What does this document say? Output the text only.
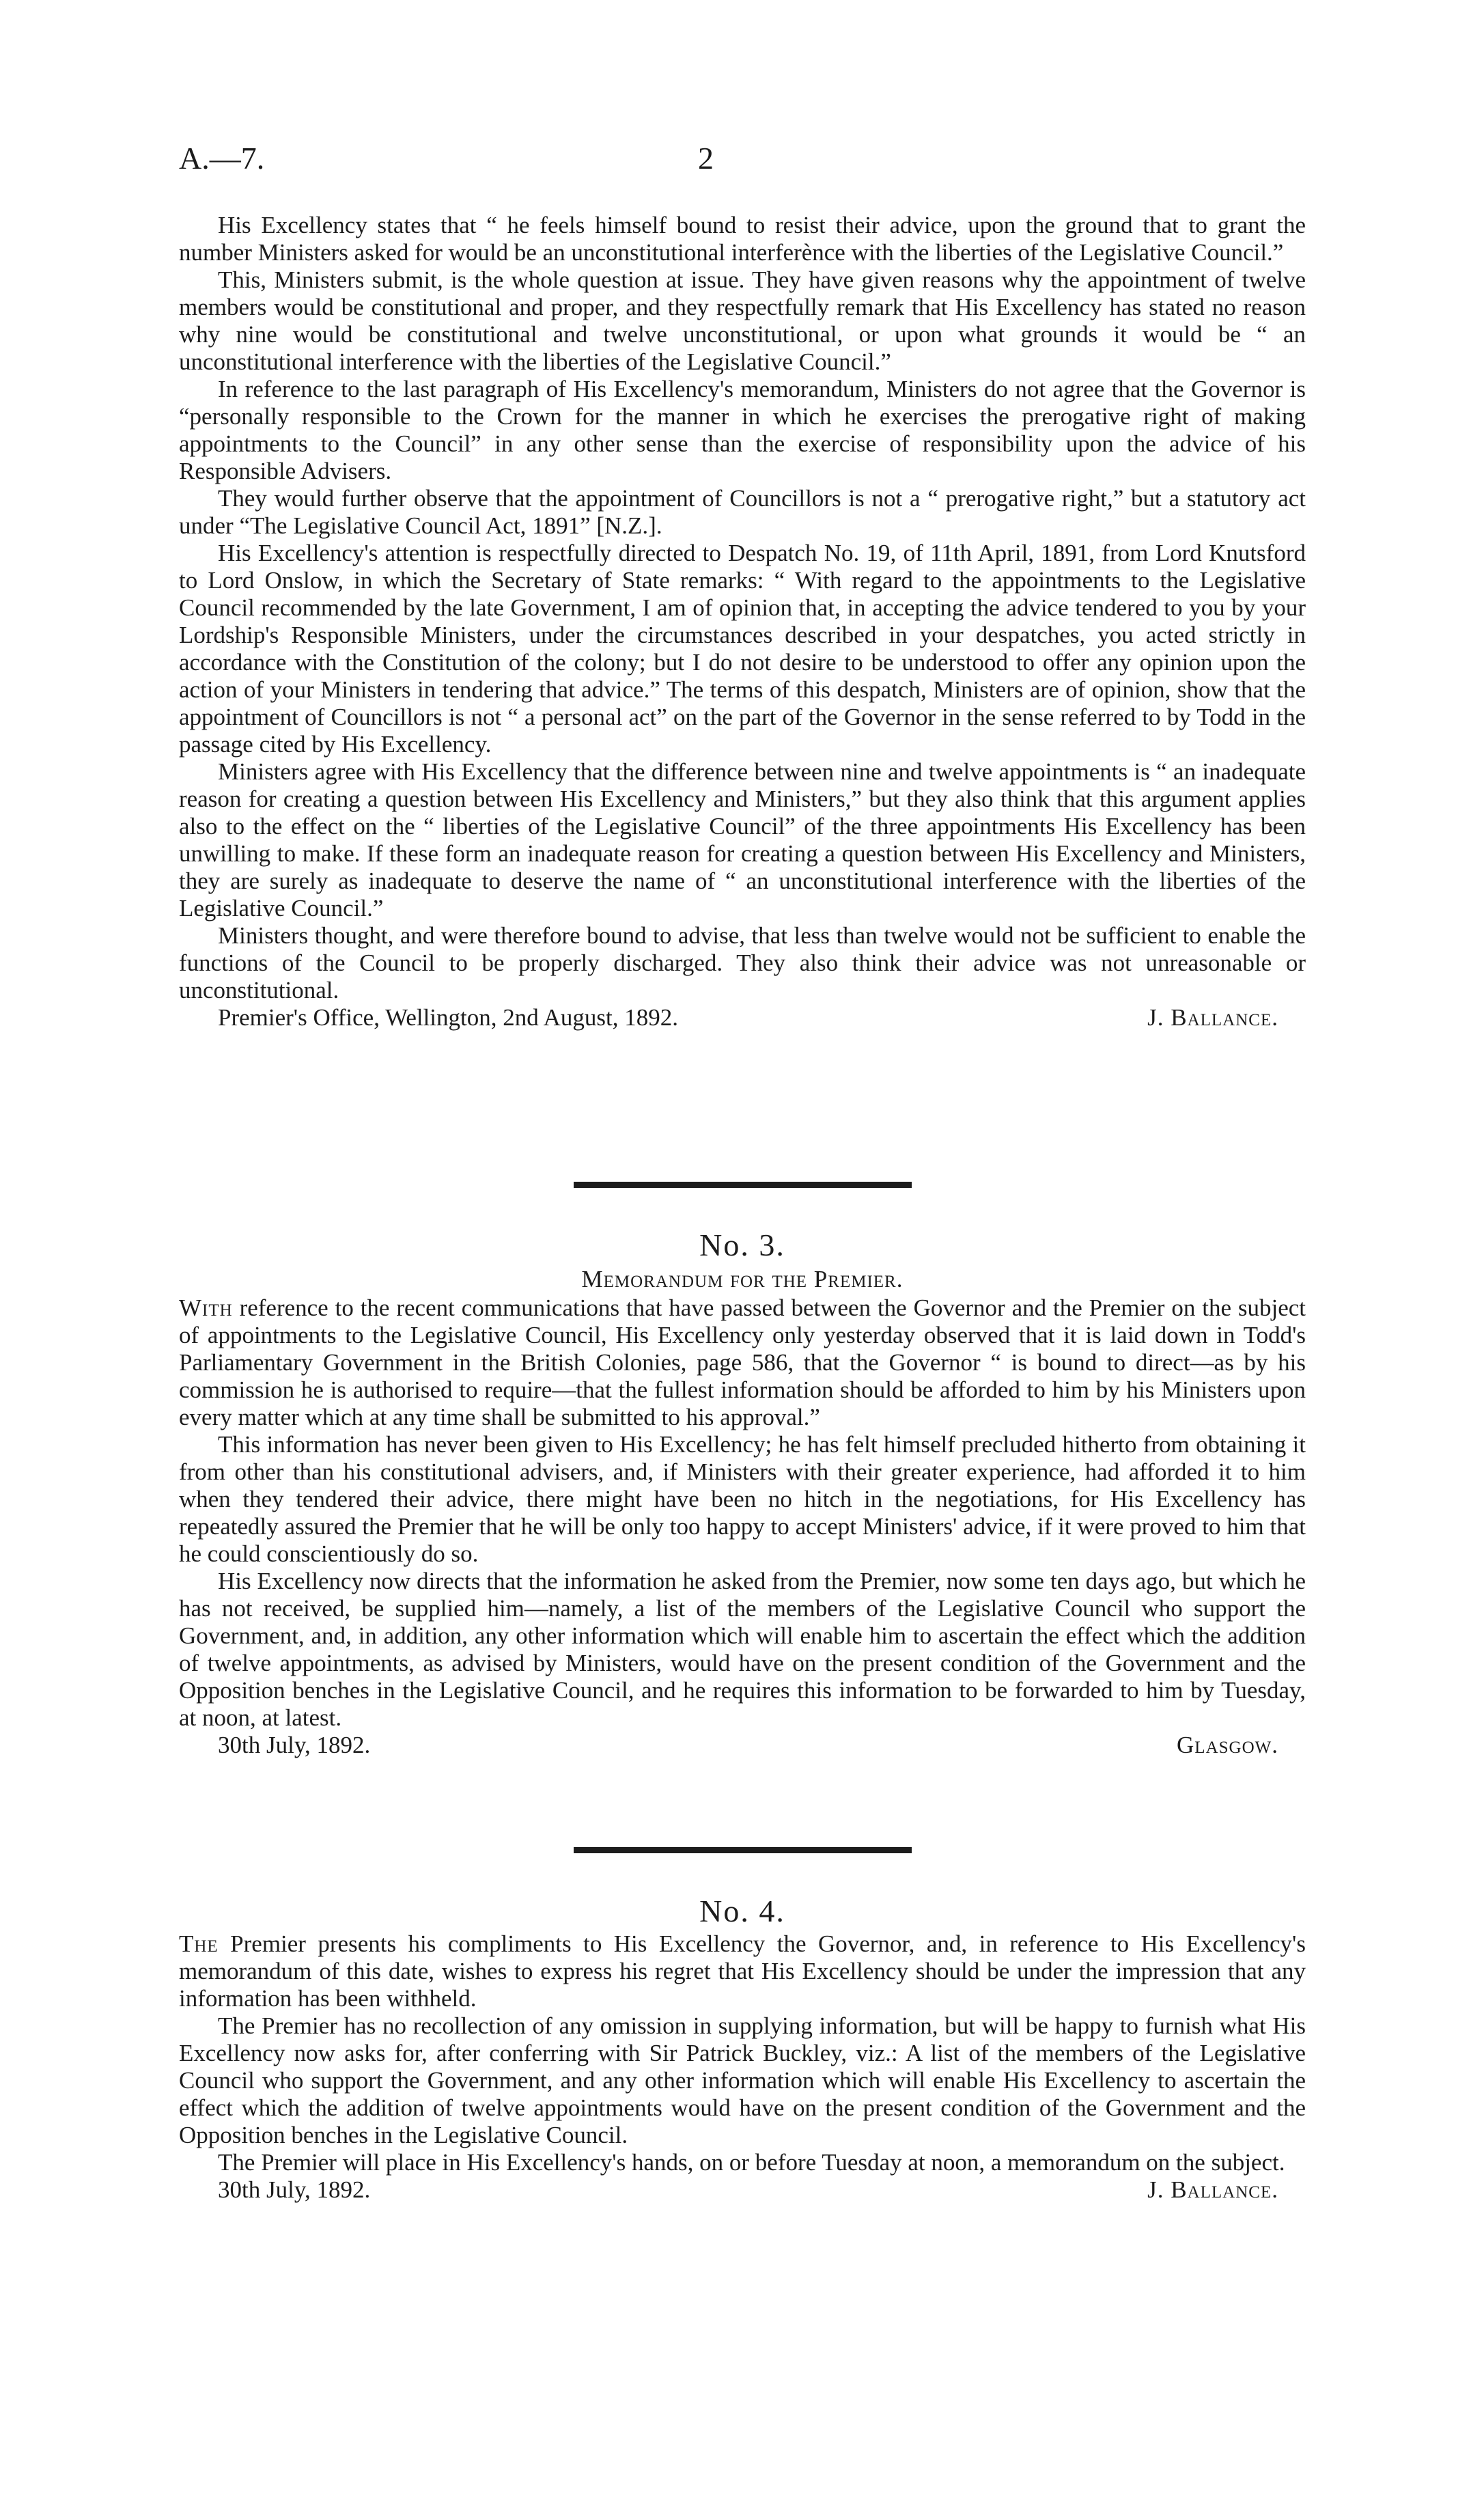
A.—7.	2

His Excellency states that “ he feels himself bound to resist their advice, upon the ground that to grant the number Ministers asked for would be an unconstitutional interferènce with the liberties of the Legislative Council.”

This, Ministers submit, is the whole question at issue. They have given reasons why the appointment of twelve members would be constitutional and proper, and they respectfully remark that His Excellency has stated no reason why nine would be constitutional and twelve unconstitutional, or upon what grounds it would be “ an unconstitutional interference with the liberties of the Legislative Council.”

In reference to the last paragraph of His Excellency's memorandum, Ministers do not agree that the Governor is “personally responsible to the Crown for the manner in which he exercises the prerogative right of making appointments to the Council” in any other sense than the exercise of responsibility upon the advice of his Responsible Advisers.

They would further observe that the appointment of Councillors is not a “ prerogative right,” but a statutory act under “The Legislative Council Act, 1891” [N.Z.].

His Excellency's attention is respectfully directed to Despatch No. 19, of 11th April, 1891, from Lord Knutsford to Lord Onslow, in which the Secretary of State remarks: “ With regard to the appointments to the Legislative Council recommended by the late Government, I am of opinion that, in accepting the advice tendered to you by your Lordship's Responsible Ministers, under the circumstances described in your despatches, you acted strictly in accordance with the Constitution of the colony; but I do not desire to be understood to offer any opinion upon the action of your Ministers in tendering that advice.” The terms of this despatch, Ministers are of opinion, show that the appointment of Councillors is not “ a personal act” on the part of the Governor in the sense referred to by Todd in the passage cited by His Excellency.

Ministers agree with His Excellency that the difference between nine and twelve appointments is “ an inadequate reason for creating a question between His Excellency and Ministers,” but they also think that this argument applies also to the effect on the “ liberties of the Legislative Council” of the three appointments His Excellency has been unwilling to make. If these form an inadequate reason for creating a question between His Excellency and Ministers, they are surely as inadequate to deserve the name of “ an unconstitutional interference with the liberties of the Legislative Council.”

Ministers thought, and were therefore bound to advise, that less than twelve would not be sufficient to enable the functions of the Council to be properly discharged. They also think their advice was not unreasonable or unconstitutional.

Premier's Office, Wellington, 2nd August, 1892.	J. Ballance.

No. 3.

Memorandum for the Premier.

With reference to the recent communications that have passed between the Governor and the Premier on the subject of appointments to the Legislative Council, His Excellency only yesterday observed that it is laid down in Todd's Parliamentary Government in the British Colonies, page 586, that the Governor “ is bound to direct—as by his commission he is authorised to require—that the fullest information should be afforded to him by his Ministers upon every matter which at any time shall be submitted to his approval.”

This information has never been given to His Excellency; he has felt himself precluded hitherto from obtaining it from other than his constitutional advisers, and, if Ministers with their greater experience, had afforded it to him when they tendered their advice, there might have been no hitch in the negotiations, for His Excellency has repeatedly assured the Premier that he will be only too happy to accept Ministers' advice, if it were proved to him that he could conscientiously do so.

His Excellency now directs that the information he asked from the Premier, now some ten days ago, but which he has not received, be supplied him—namely, a list of the members of the Legislative Council who support the Government, and, in addition, any other information which will enable him to ascertain the effect which the addition of twelve appointments, as advised by Ministers, would have on the present condition of the Government and the Opposition benches in the Legislative Council, and he requires this information to be forwarded to him by Tuesday, at noon, at latest.

30th July, 1892.	Glasgow.

No. 4.

The Premier presents his compliments to His Excellency the Governor, and, in reference to His Excellency's memorandum of this date, wishes to express his regret that His Excellency should be under the impression that any information has been withheld.

The Premier has no recollection of any omission in supplying information, but will be happy to furnish what His Excellency now asks for, after conferring with Sir Patrick Buckley, viz.: A list of the members of the Legislative Council who support the Government, and any other information which will enable His Excellency to ascertain the effect which the addition of twelve appointments would have on the present condition of the Government and the Opposition benches in the Legislative Council.

The Premier will place in His Excellency's hands, on or before Tuesday at noon, a memorandum on the subject.

30th July, 1892.	J. Ballance.
